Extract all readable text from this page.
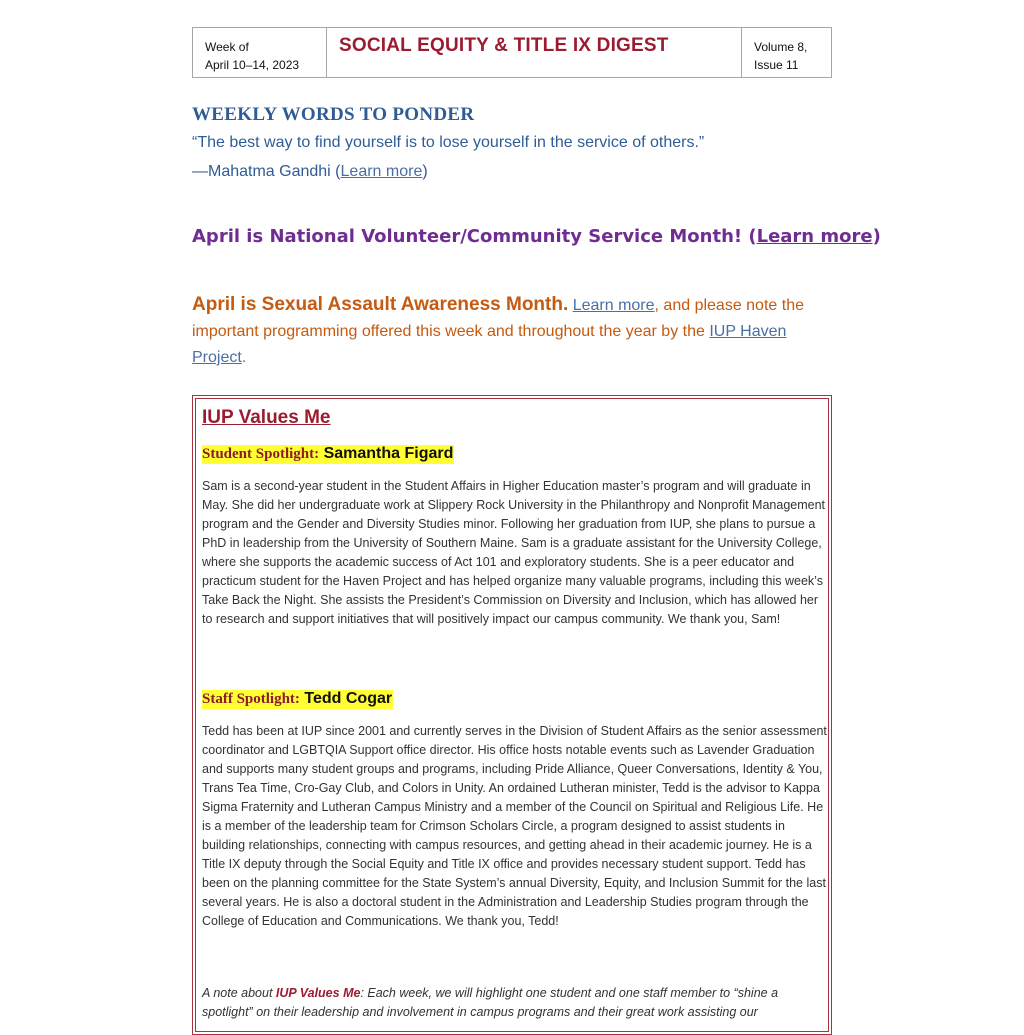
Week of
April 10–14, 2023
SOCIAL EQUITY & TITLE IX DIGEST	Volume 8,
Issue 11
WEEKLY WORDS TO PONDER
“The best way to find yourself is to lose yourself in the service of others.”
—Mahatma Gandhi (Learn more)
April is National Volunteer/Community Service Month! (Learn more)
April is Sexual Assault Awareness Month. Learn more, and please note the important programming offered this week and throughout the year by the IUP Haven Project.
IUP Values Me
Student Spotlight: Samantha Figard
Sam is a second-year student in the Student Affairs in Higher Education master’s program and will graduate in May. She did her undergraduate work at Slippery Rock University in the Philanthropy and Nonprofit Management program and the Gender and Diversity Studies minor. Following her graduation from IUP, she plans to pursue a PhD in leadership from the University of Southern Maine. Sam is a graduate assistant for the University College, where she supports the academic success of Act 101 and exploratory students. She is a peer educator and practicum student for the Haven Project and has helped organize many valuable programs, including this week’s Take Back the Night. She assists the President’s Commission on Diversity and Inclusion, which has allowed her to research and support initiatives that will positively impact our campus community. We thank you, Sam!
Staff Spotlight: Tedd Cogar
Tedd has been at IUP since 2001 and currently serves in the Division of Student Affairs as the senior assessment coordinator and LGBTQIA Support office director. His office hosts notable events such as Lavender Graduation and supports many student groups and programs, including Pride Alliance, Queer Conversations, Identity & You, Trans Tea Time, Cro-Gay Club, and Colors in Unity. An ordained Lutheran minister, Tedd is the advisor to Kappa Sigma Fraternity and Lutheran Campus Ministry and a member of the Council on Spiritual and Religious Life. He is a member of the leadership team for Crimson Scholars Circle, a program designed to assist students in building relationships, connecting with campus resources, and getting ahead in their academic journey. He is a Title IX deputy through the Social Equity and Title IX office and provides necessary student support. Tedd has been on the planning committee for the State System’s annual Diversity, Equity, and Inclusion Summit for the last several years. He is also a doctoral student in the Administration and Leadership Studies program through the College of Education and Communications. We thank you, Tedd!
A note about IUP Values Me: Each week, we will highlight one student and one staff member to “shine a spotlight” on their leadership and involvement in campus programs and their great work assisting our
